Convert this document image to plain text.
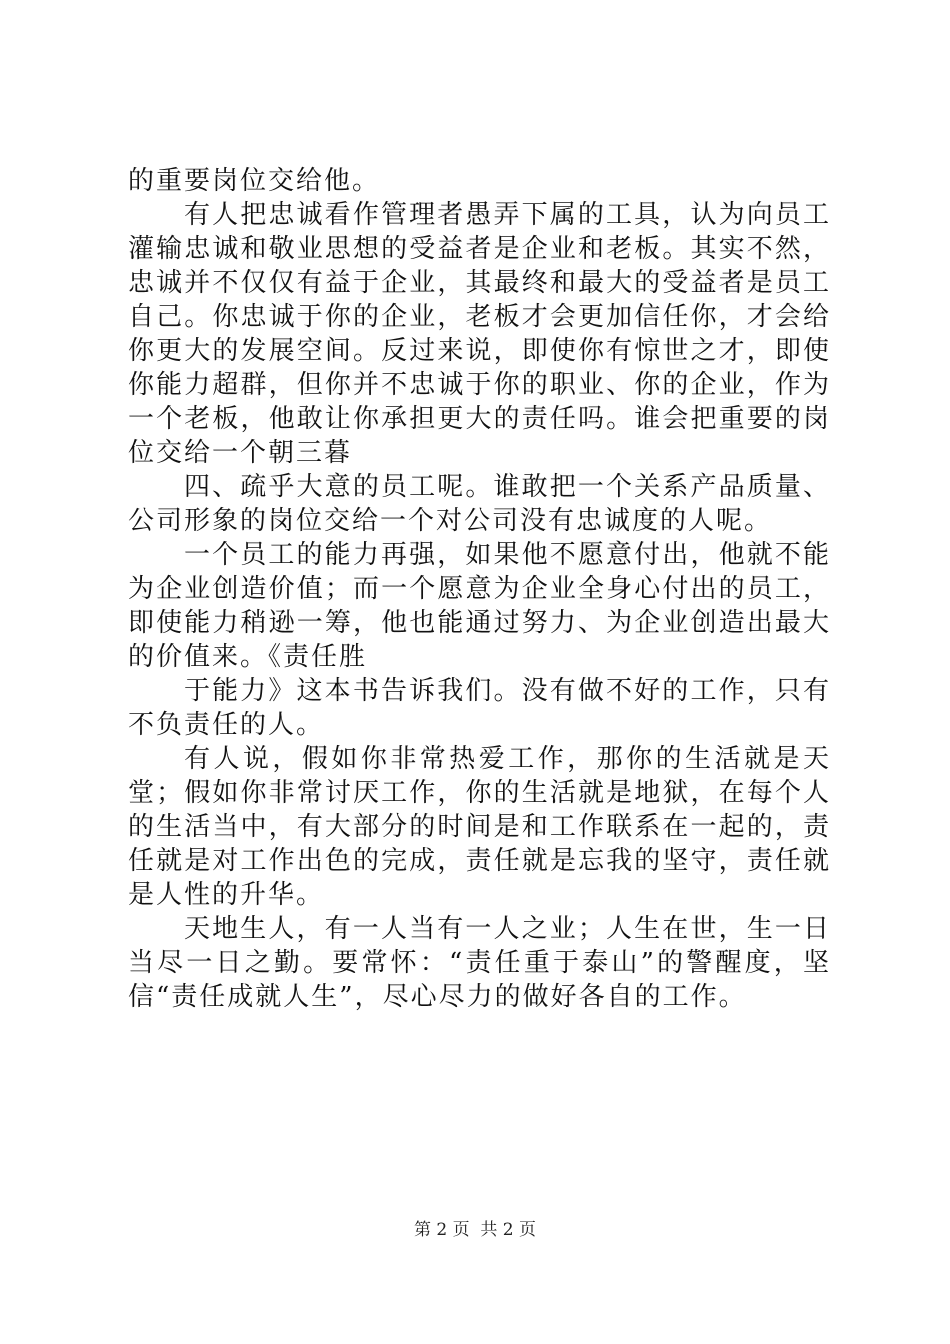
的重要岗位交给他。

有人把忠诚看作管理者愚弄下属的工具，认为向员工灌输忠诚和敬业思想的受益者是企业和老板。其实不然，忠诚并不仅仅有益于企业，其最终和最大的受益者是员工自己。你忠诚于你的企业，老板才会更加信任你，才会给你更大的发展空间。反过来说，即使你有惊世之才，即使你能力超群，但你并不忠诚于你的职业、你的企业，作为一个老板，他敢让你承担更大的责任吗。谁会把重要的岗位交给一个朝三暮

四、疏乎大意的员工呢。谁敢把一个关系产品质量、公司形象的岗位交给一个对公司没有忠诚度的人呢。

一个员工的能力再强，如果他不愿意付出，他就不能为企业创造价值；而一个愿意为企业全身心付出的员工，即使能力稍逊一筹，他也能通过努力、为企业创造出最大的价值来。《责任胜

于能力》这本书告诉我们。没有做不好的工作，只有不负责任的人。

有人说，假如你非常热爱工作，那你的生活就是天堂；假如你非常讨厌工作，你的生活就是地狱，在每个人的生活当中，有大部分的时间是和工作联系在一起的，责任就是对工作出色的完成，责任就是忘我的坚守，责任就是人性的升华。

天地生人，有一人当有一人之业；人生在世，生一日当尽一日之勤。要常怀：“责任重于泰山”的警醒度，坚信“责任成就人生”，尽心尽力的做好各自的工作。

第 2 页  共 2 页
